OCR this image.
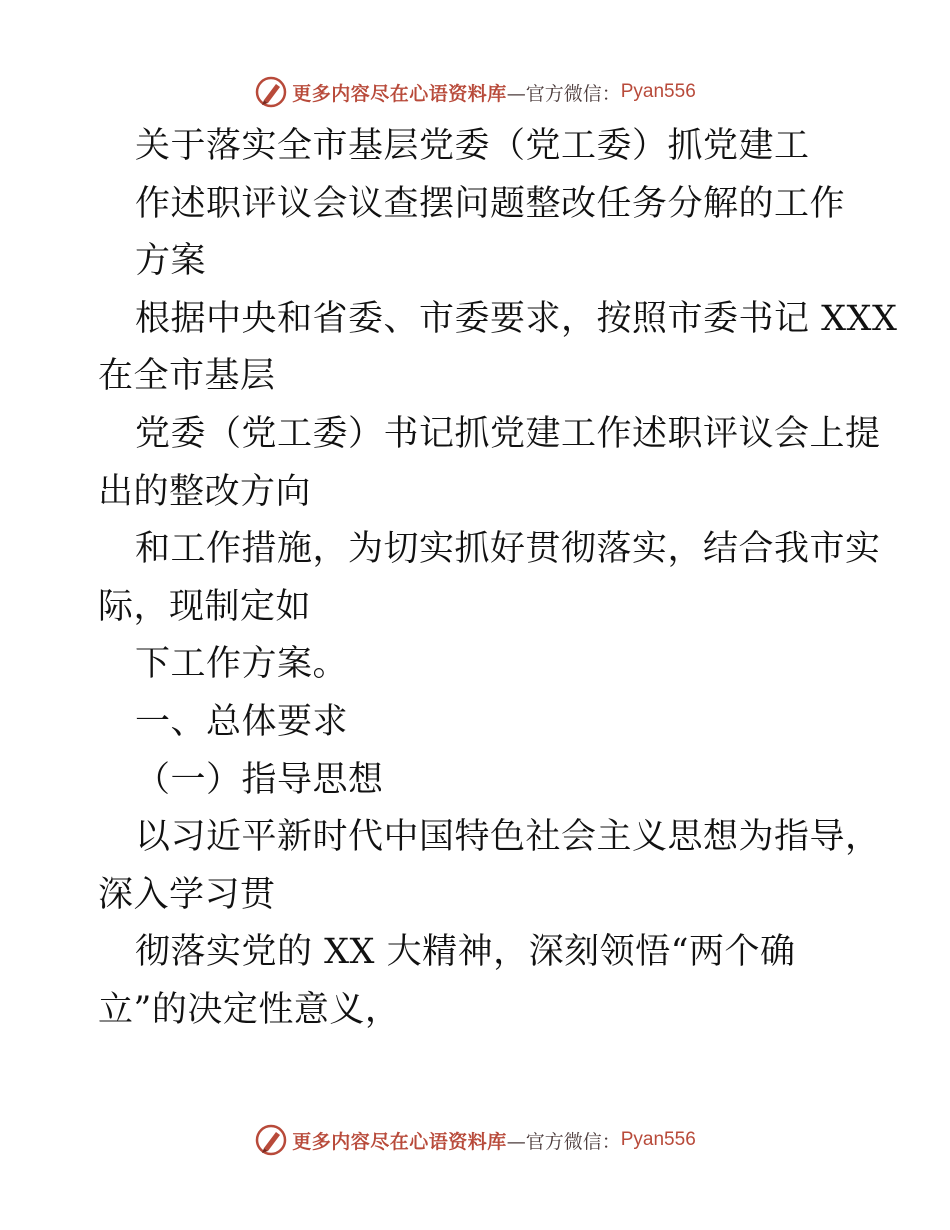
更多内容尽在心语资料库 —官方微信： Pyan556
关于落实全市基层党委（党工委）抓党建工
作述职评议会议查摆问题整改任务分解的工作
方案
根据中央和省委、市委要求，按照市委书记 XXX
在全市基层
党委（党工委）书记抓党建工作述职评议会上提
出的整改方向
和工作措施，为切实抓好贯彻落实，结合我市实
际，现制定如
下工作方案。
一、总体要求
（一）指导思想
以习近平新时代中国特色社会主义思想为指导，
深入学习贯
彻落实党的 XX 大精神，深刻领悟“两个确
立”的决定性意义，
更多内容尽在心语资料库 —官方微信： Pyan556
